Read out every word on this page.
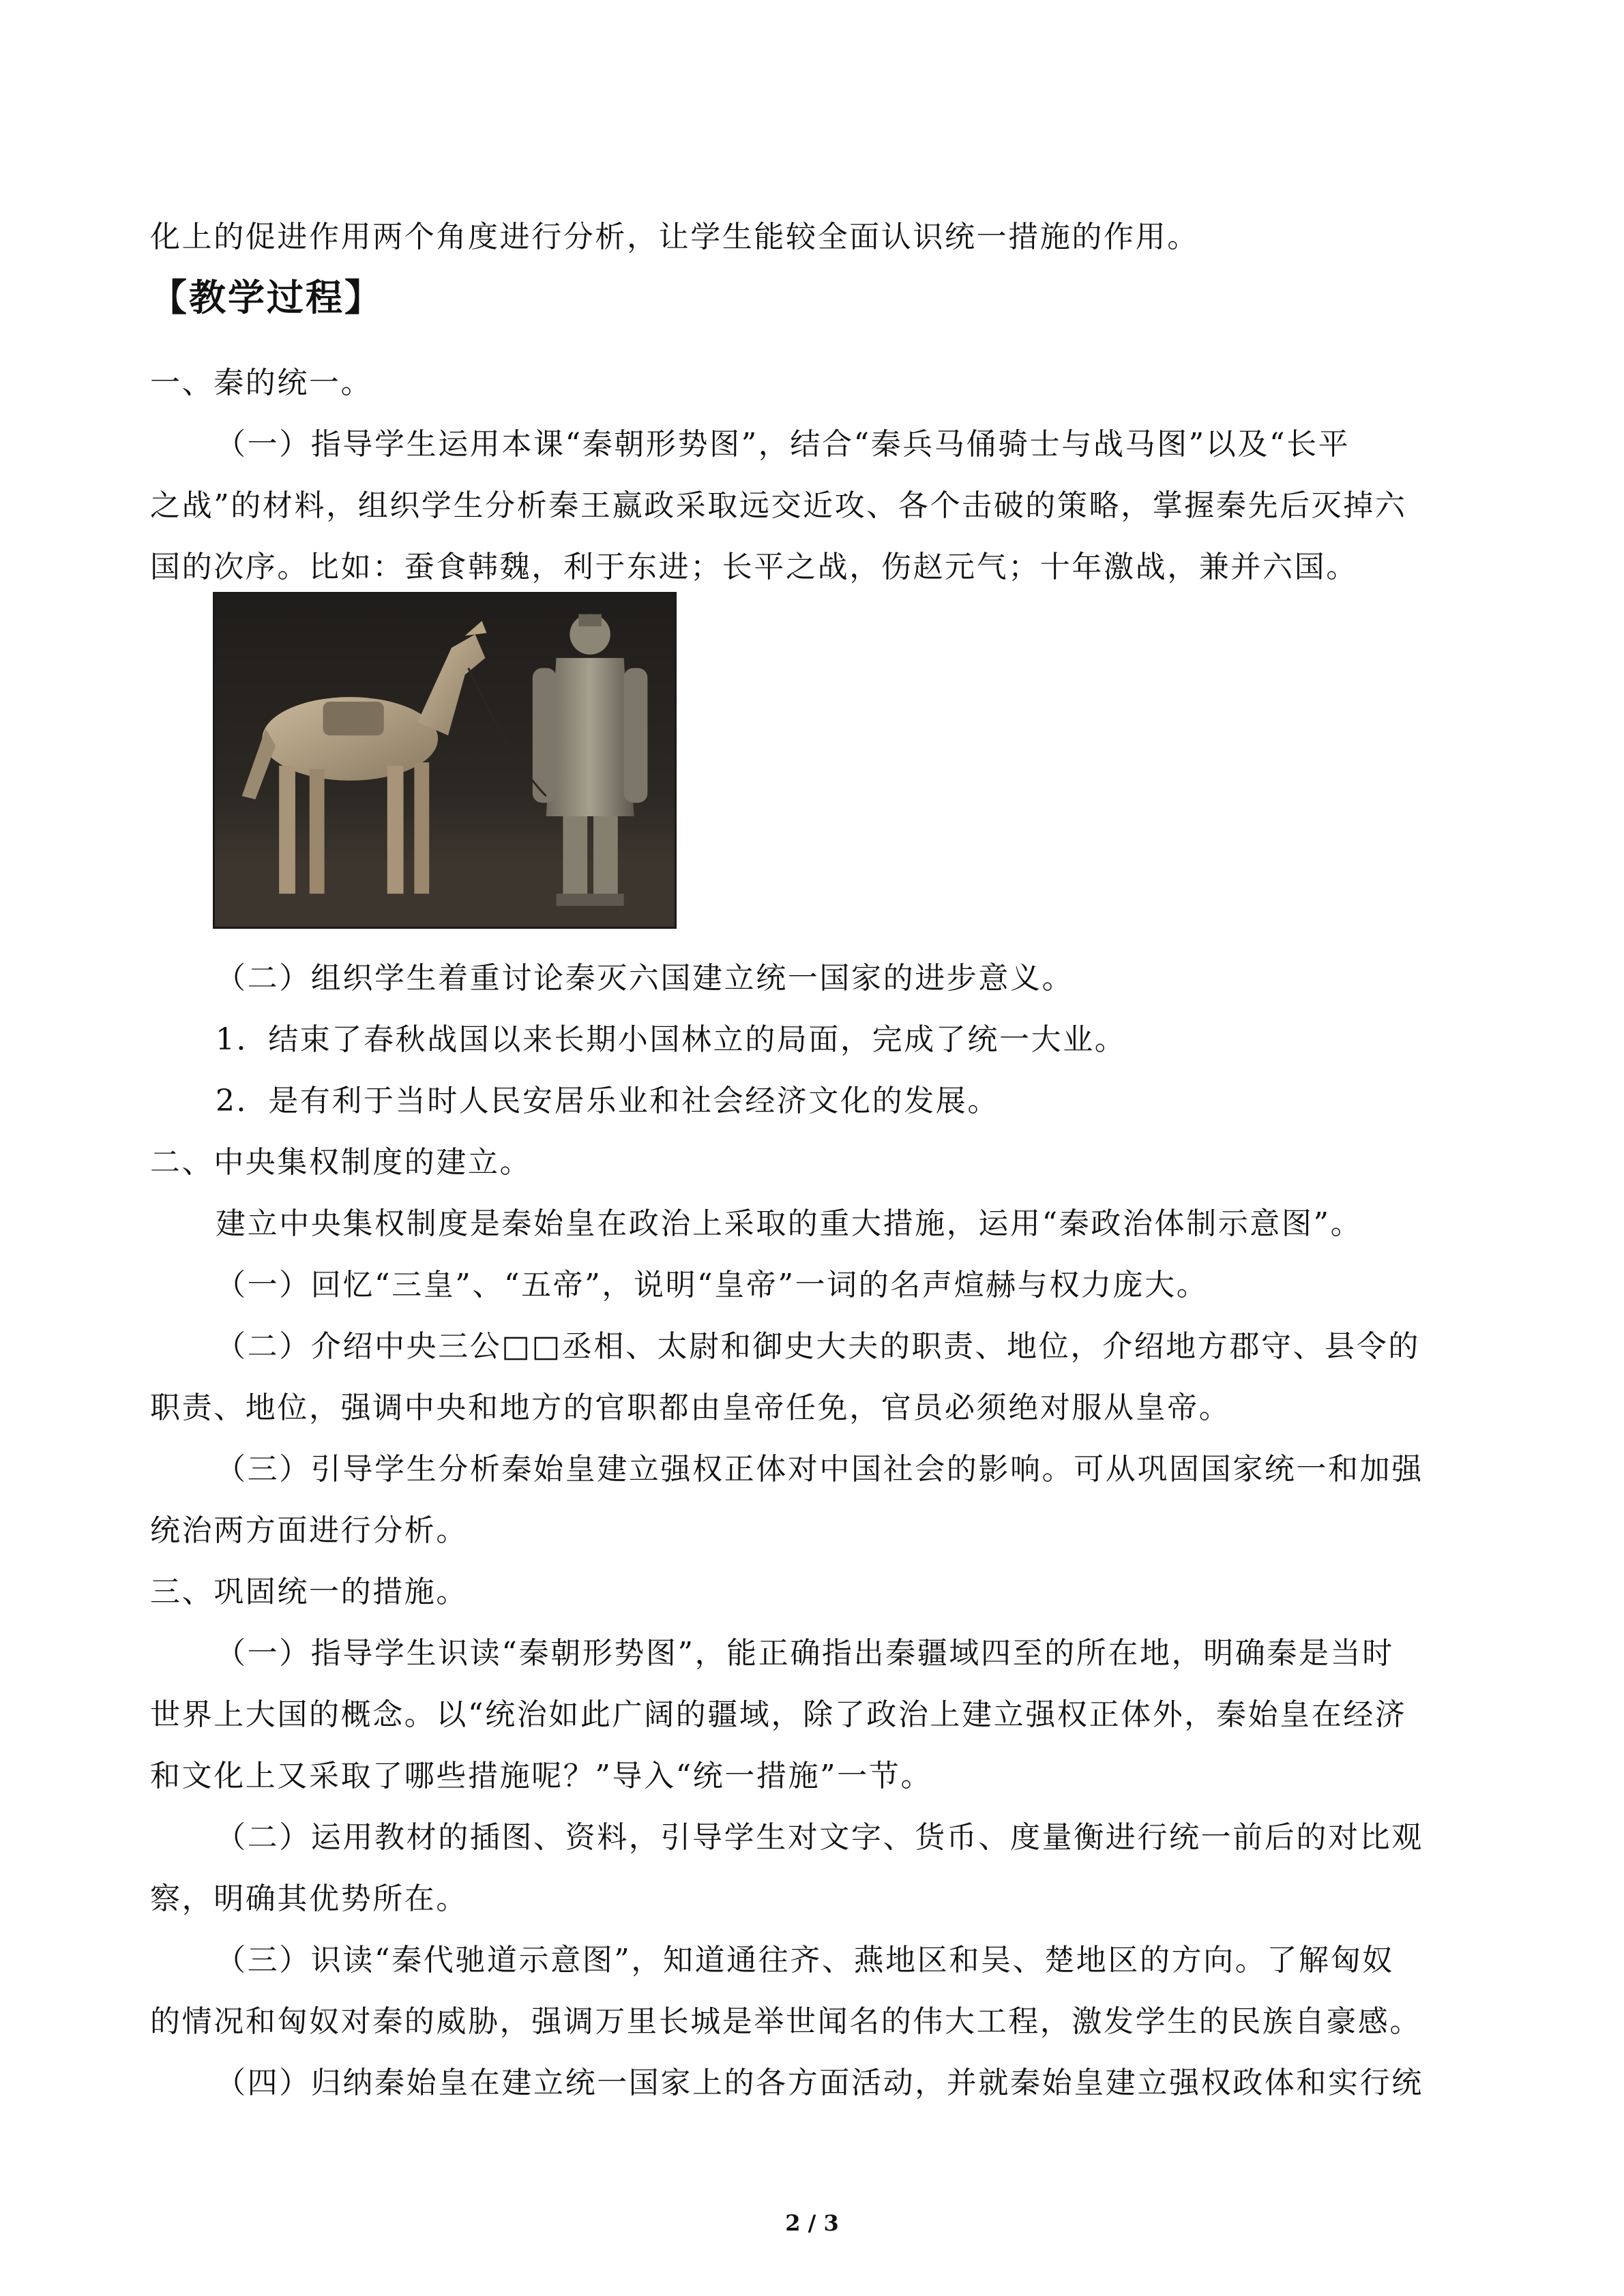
化上的促进作用两个角度进行分析，让学生能较全面认识统一措施的作用。
【教学过程】
一、秦的统一。
（一）指导学生运用本课“秦朝形势图”，结合“秦兵马俑骑士与战马图”以及“长平
之战”的材料，组织学生分析秦王嬴政采取远交近攻、各个击破的策略，掌握秦先后灭掉六
国的次序。比如：蚕食韩魏，利于东进；长平之战，伤赵元气；十年激战，兼并六国。
（二）组织学生着重讨论秦灭六国建立统一国家的进步意义。
1．结束了春秋战国以来长期小国林立的局面，完成了统一大业。
2．是有利于当时人民安居乐业和社会经济文化的发展。
二、中央集权制度的建立。
建立中央集权制度是秦始皇在政治上采取的重大措施，运用“秦政治体制示意图”。
（一）回忆“三皇”、“五帝”，说明“皇帝”一词的名声煊赫与权力庞大。
（二）介绍中央三公□□丞相、太尉和御史大夫的职责、地位，介绍地方郡守、县令的
职责、地位，强调中央和地方的官职都由皇帝任免，官员必须绝对服从皇帝。
（三）引导学生分析秦始皇建立强权正体对中国社会的影响。可从巩固国家统一和加强
统治两方面进行分析。
三、巩固统一的措施。
（一）指导学生识读“秦朝形势图”，能正确指出秦疆域四至的所在地，明确秦是当时
世界上大国的概念。以“统治如此广阔的疆域，除了政治上建立强权正体外，秦始皇在经济
和文化上又采取了哪些措施呢？”导入“统一措施”一节。
（二）运用教材的插图、资料，引导学生对文字、货币、度量衡进行统一前后的对比观
察，明确其优势所在。
（三）识读“秦代驰道示意图”，知道通往齐、燕地区和吴、楚地区的方向。了解匈奴
的情况和匈奴对秦的威胁，强调万里长城是举世闻名的伟大工程，激发学生的民族自豪感。
（四）归纳秦始皇在建立统一国家上的各方面活动，并就秦始皇建立强权政体和实行统
2 / 3
